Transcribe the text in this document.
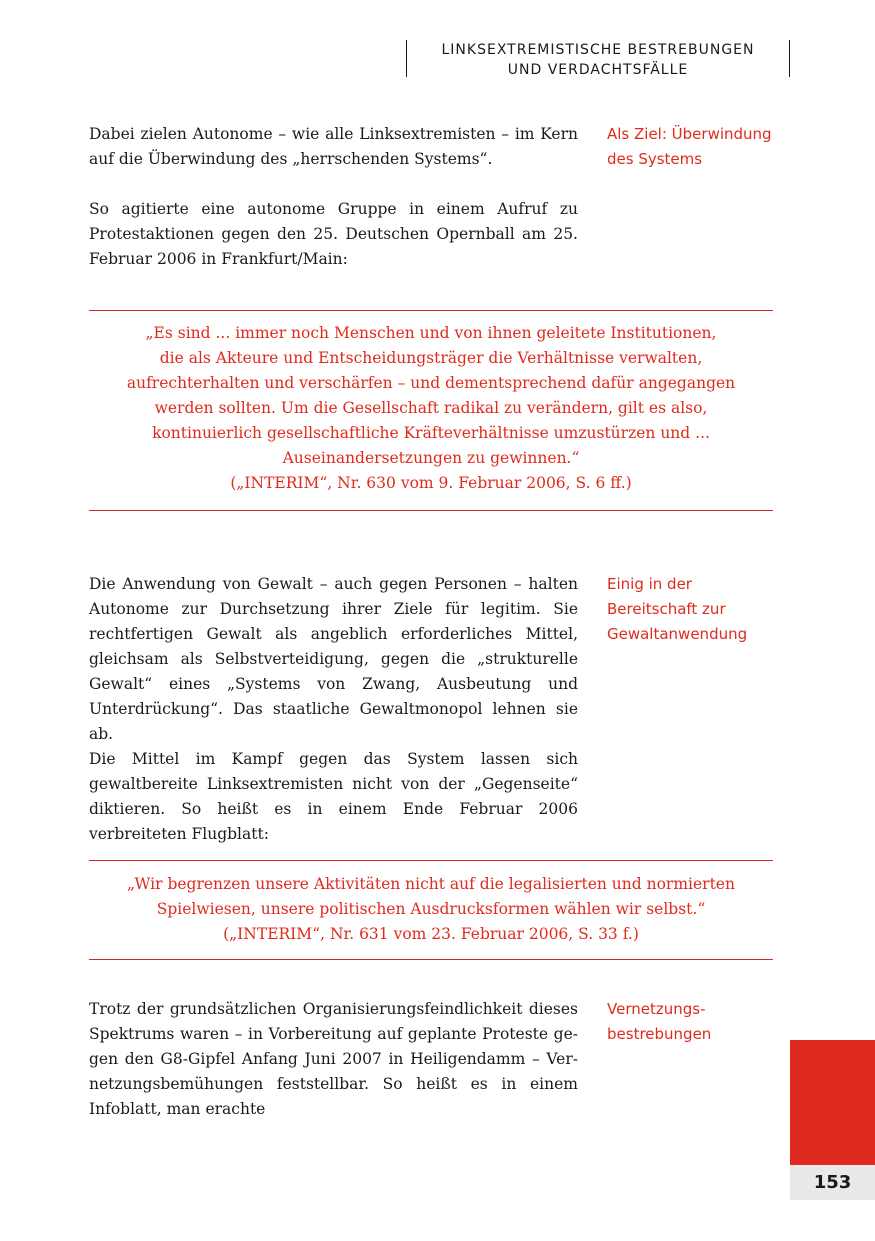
LINKSEXTREMISTISCHE BESTREBUNGEN
UND VERDACHTSFÄLLE
Dabei zielen Autonome – wie alle Linksextremisten – im Kern auf die Überwindung des „herrschenden Systems“.
Als Ziel: Überwindung
des Systems
So agitierte eine autonome Gruppe in einem Aufruf zu Protestaktionen gegen den 25. Deutschen Opernball am 25. Februar 2006 in Frankfurt/Main:
„Es sind ... immer noch Menschen und von ihnen geleitete Institutionen,
die als Akteure und Entscheidungsträger die Verhältnisse verwalten,
aufrechterhalten und verschärfen – und dementsprechend dafür angegangen
werden sollten. Um die Gesellschaft radikal zu verändern, gilt es also,
kontinuierlich gesellschaftliche Kräfteverhältnisse umzustürzen und ...
Auseinandersetzungen zu gewinnen.“
(„INTERIM“, Nr. 630 vom 9. Februar 2006, S. 6 ff.)
Die Anwendung von Gewalt – auch gegen Personen – halten Autonome zur Durchsetzung ihrer Ziele für legitim. Sie rechtfertigen Gewalt als angeblich erforderliches Mittel, gleichsam als Selbstverteidigung, gegen die „strukturelle Gewalt“ eines „Systems von Zwang, Ausbeutung und Unterdrückung“. Das staatliche Gewaltmonopol lehnen sie ab.
Einig in der
Bereitschaft zur
Gewaltanwendung
Die Mittel im Kampf gegen das System lassen sich gewaltbereite Linksextremisten nicht von der „Gegenseite“ diktieren. So heißt es in einem Ende Februar 2006 verbreiteten Flugblatt:
„Wir begrenzen unsere Aktivitäten nicht auf die legalisierten und normierten
Spielwiesen, unsere politischen Ausdrucksformen wählen wir selbst.“
(„INTERIM“, Nr. 631 vom 23. Februar 2006, S. 33 f.)
Trotz der grundsätzlichen Organisierungsfeindlichkeit dieses Spektrums waren – in Vorbereitung auf geplante Proteste gegen den G8-Gipfel Anfang Juni 2007 in Heiligendamm – Vernetzungsbemühungen feststellbar. So heißt es in einem Infoblatt, man erachte
Vernetzungs-
bestrebungen
153
